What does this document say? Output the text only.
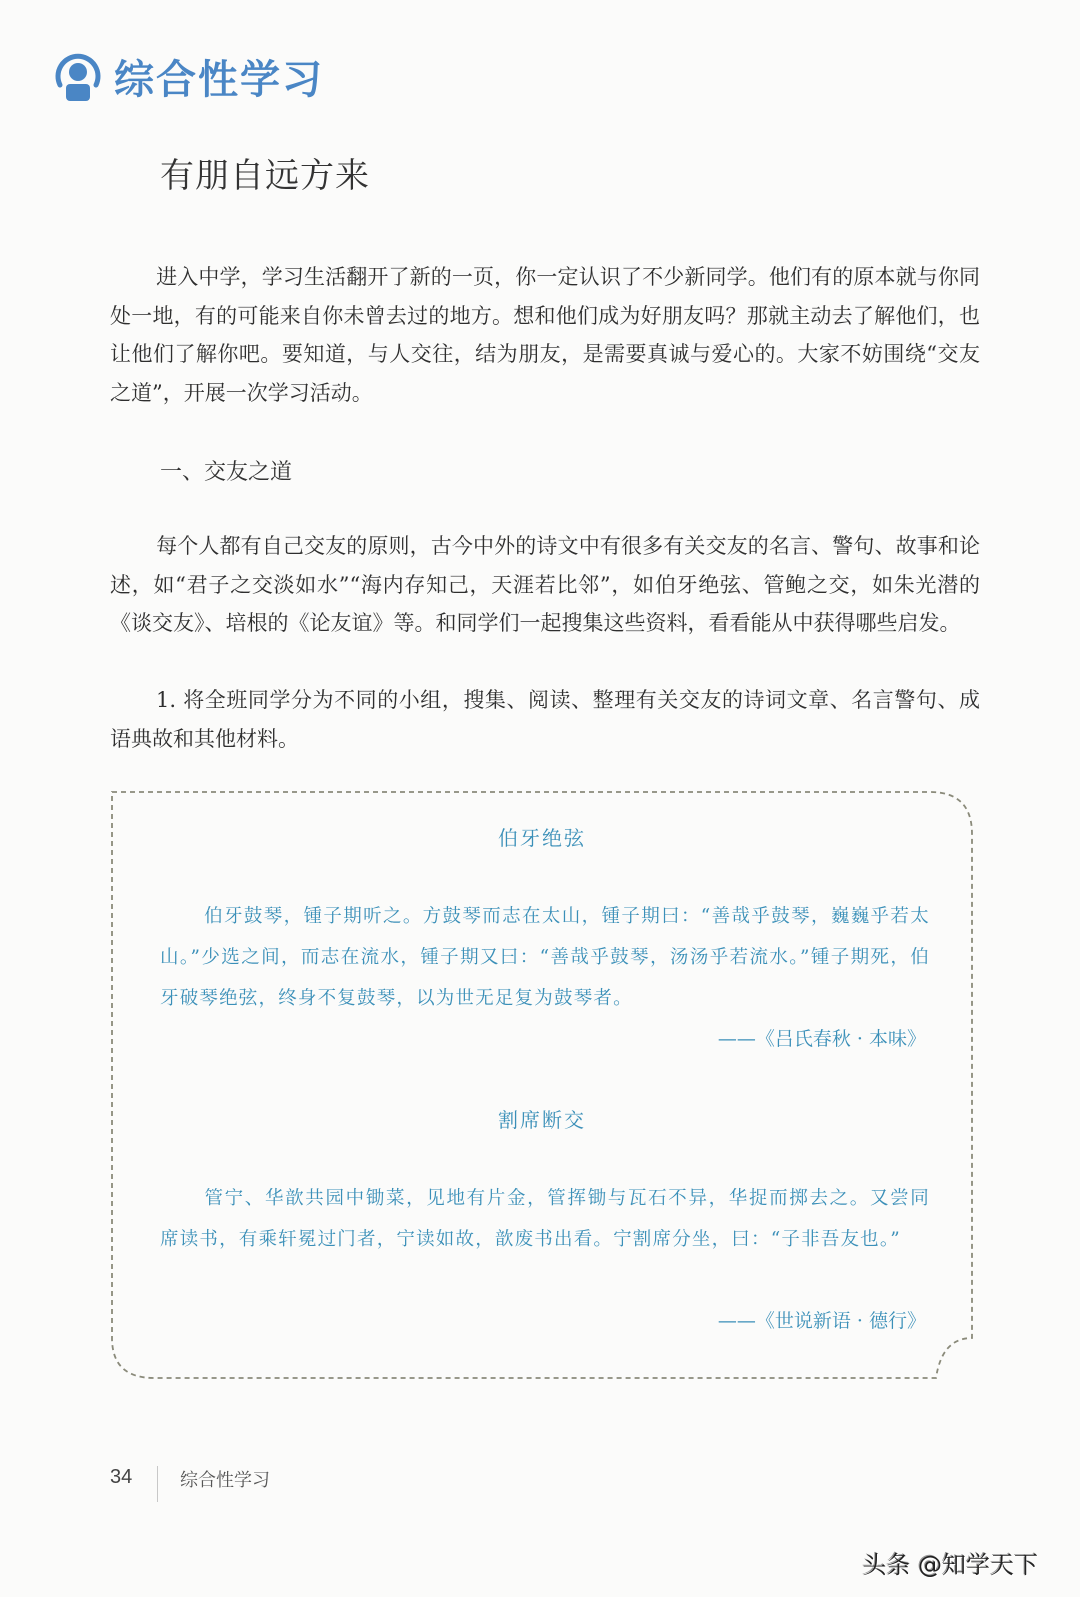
综合性学习
有朋自远方来
进入中学，学习生活翻开了新的一页，你一定认识了不少新同学。他们有的原本就与你同处一地，有的可能来自你未曾去过的地方。想和他们成为好朋友吗？那就主动去了解他们，也让他们了解你吧。要知道，与人交往，结为朋友，是需要真诚与爱心的。大家不妨围绕“交友之道”，开展一次学习活动。
一、交友之道
每个人都有自己交友的原则，古今中外的诗文中有很多有关交友的名言、警句、故事和论述，如“君子之交淡如水”“海内存知己，天涯若比邻”，如伯牙绝弦、管鲍之交，如朱光潜的《谈交友》、培根的《论友谊》等。和同学们一起搜集这些资料，看看能从中获得哪些启发。
1. 将全班同学分为不同的小组，搜集、阅读、整理有关交友的诗词文章、名言警句、成语典故和其他材料。
伯牙绝弦
伯牙鼓琴，锺子期听之。方鼓琴而志在太山，锺子期曰：“善哉乎鼓琴，巍巍乎若太山。”少选之间，而志在流水，锺子期又曰：“善哉乎鼓琴，汤汤乎若流水。”锺子期死，伯牙破琴绝弦，终身不复鼓琴，以为世无足复为鼓琴者。
——《吕氏春秋 · 本味》
割席断交
管宁、华歆共园中锄菜，见地有片金，管挥锄与瓦石不异，华捉而掷去之。又尝同席读书，有乘轩冕过门者，宁读如故，歆废书出看。宁割席分坐，曰：“子非吾友也。”
——《世说新语 · 德行》
34	综合性学习
头条 @知学天下
